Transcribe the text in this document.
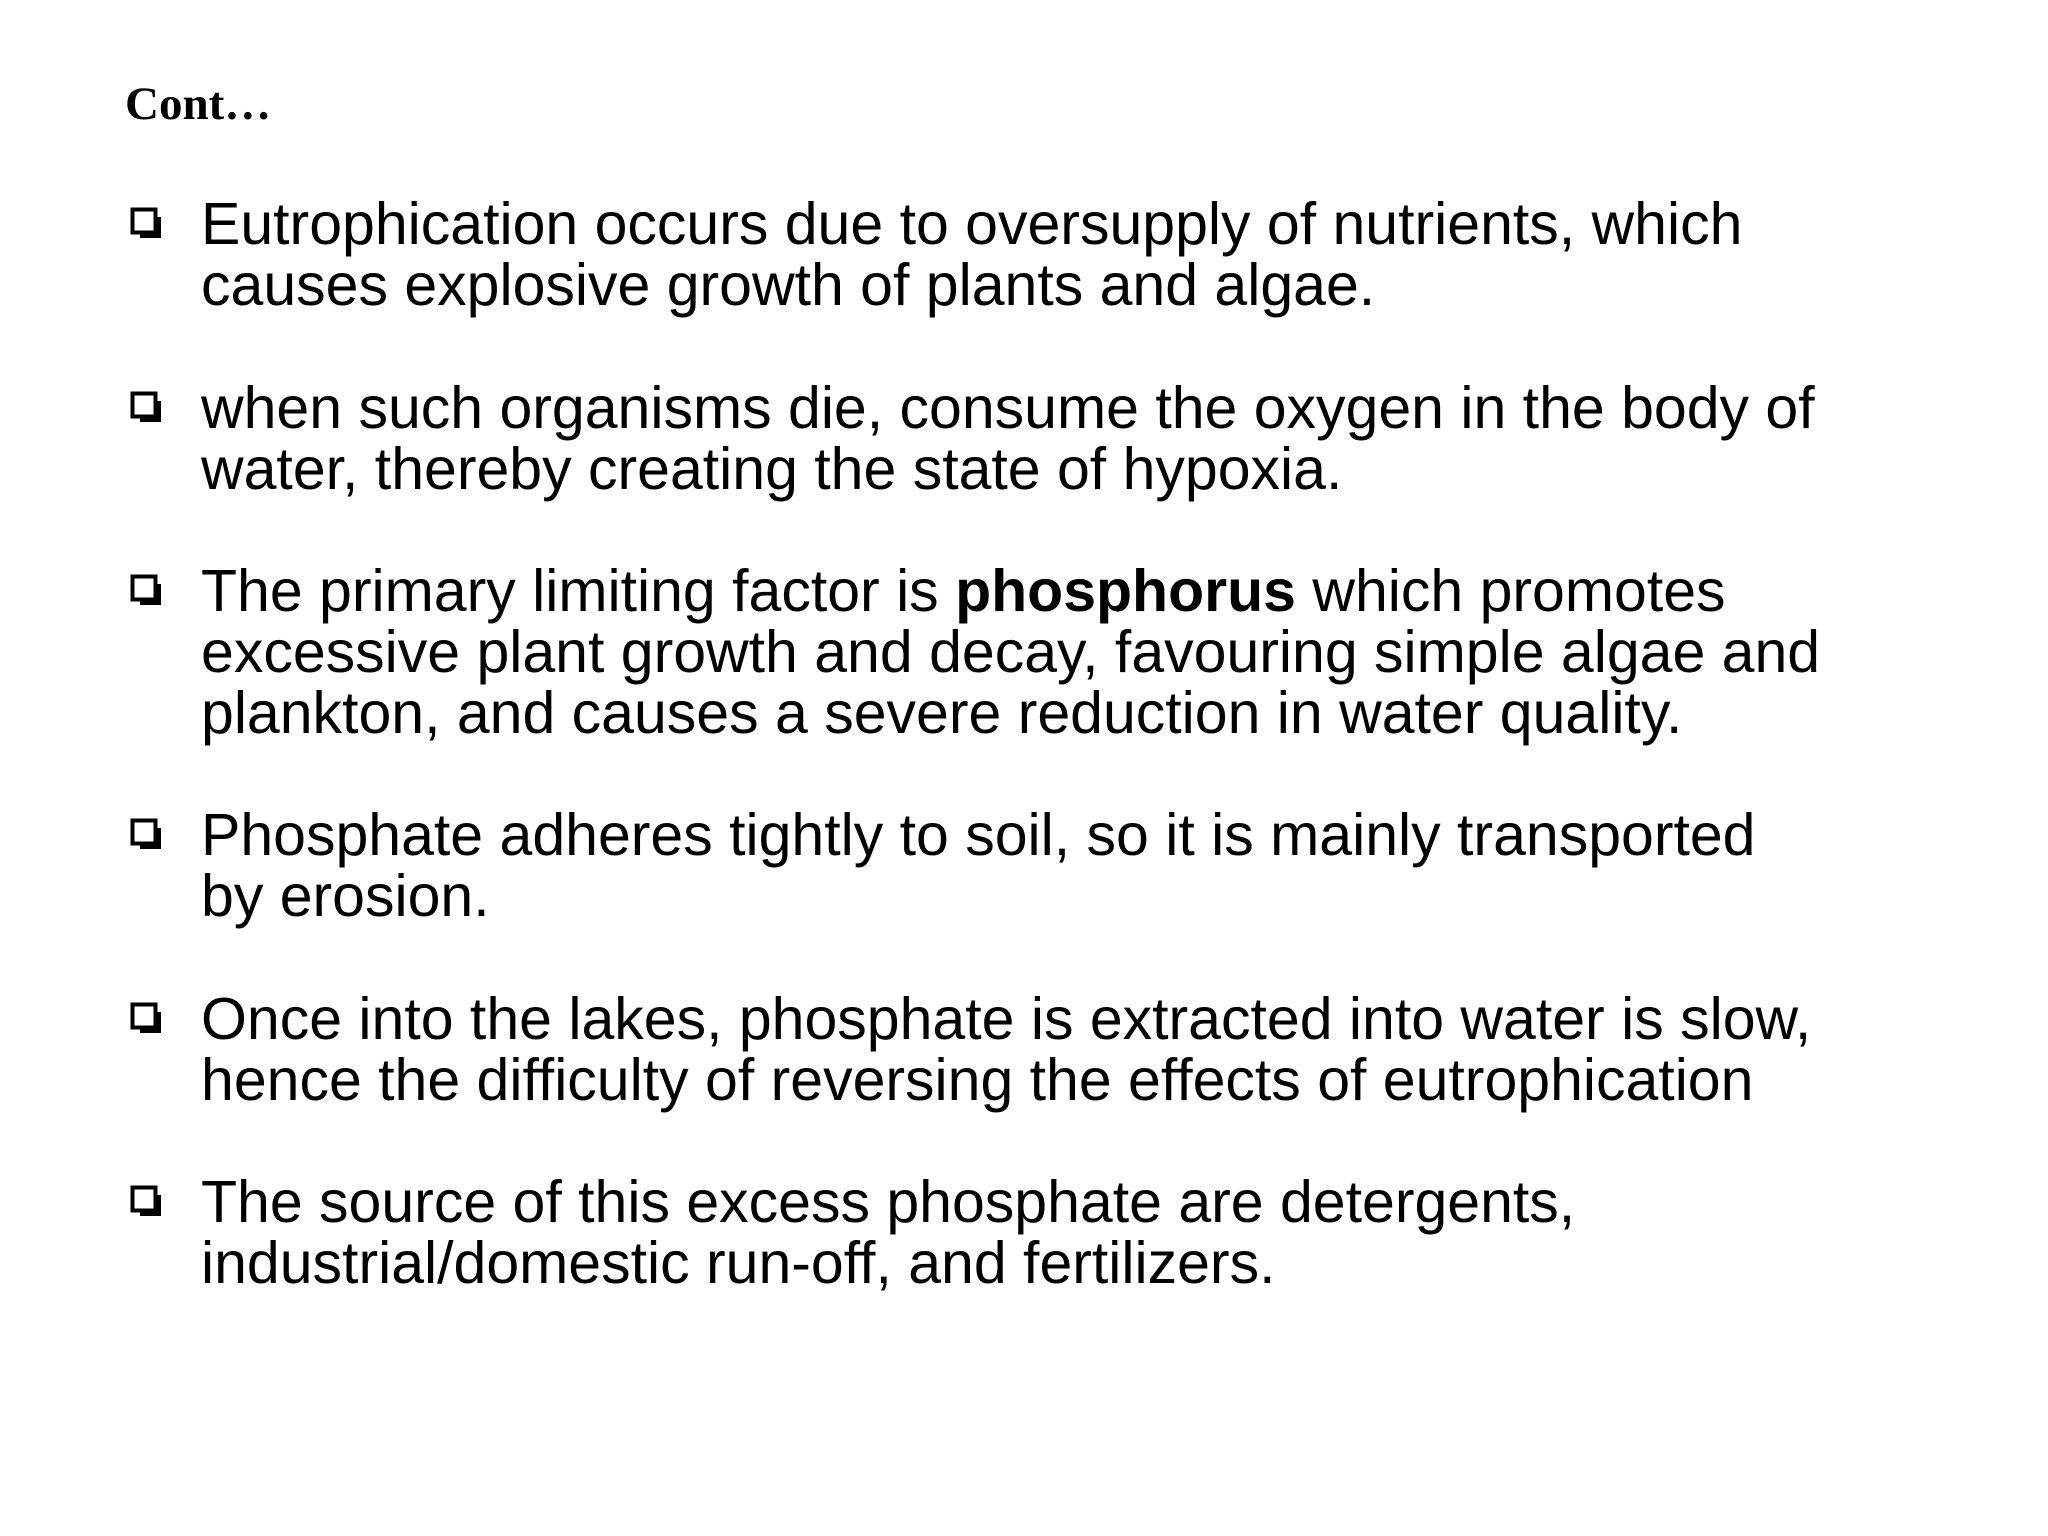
Cont…
Eutrophication occurs due to oversupply of nutrients, which
causes explosive growth of plants and algae.
when such organisms die, consume the oxygen in the body of
water, thereby creating the state of hypoxia.
The primary limiting factor is phosphorus which promotes
excessive plant growth and decay, favouring simple algae and
plankton, and causes a severe reduction in water quality.
Phosphate adheres tightly to soil, so it is mainly transported
by erosion.
Once into the lakes, phosphate is extracted into water is slow,
hence the difficulty of reversing the effects of eutrophication
The source of this excess phosphate are detergents,
industrial/domestic run-off, and fertilizers.
